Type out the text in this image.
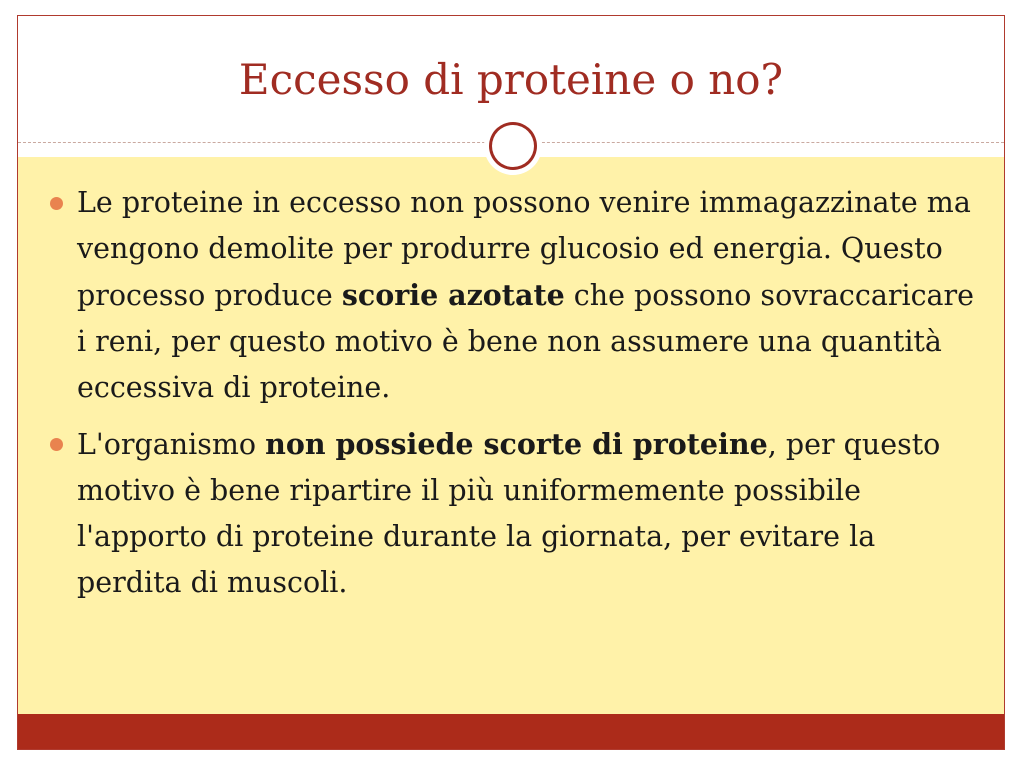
Eccesso di proteine o no?
Le proteine in eccesso non possono venire immagazzinate ma vengono demolite per produrre glucosio ed energia. Questo processo produce scorie azotate che possono sovraccaricare i reni, per questo motivo è bene non assumere una quantità eccessiva di proteine.
L'organismo non possiede scorte di proteine, per questo motivo è bene ripartire il più uniformemente possibile l'apporto di proteine durante la giornata, per evitare la perdita di muscoli.
